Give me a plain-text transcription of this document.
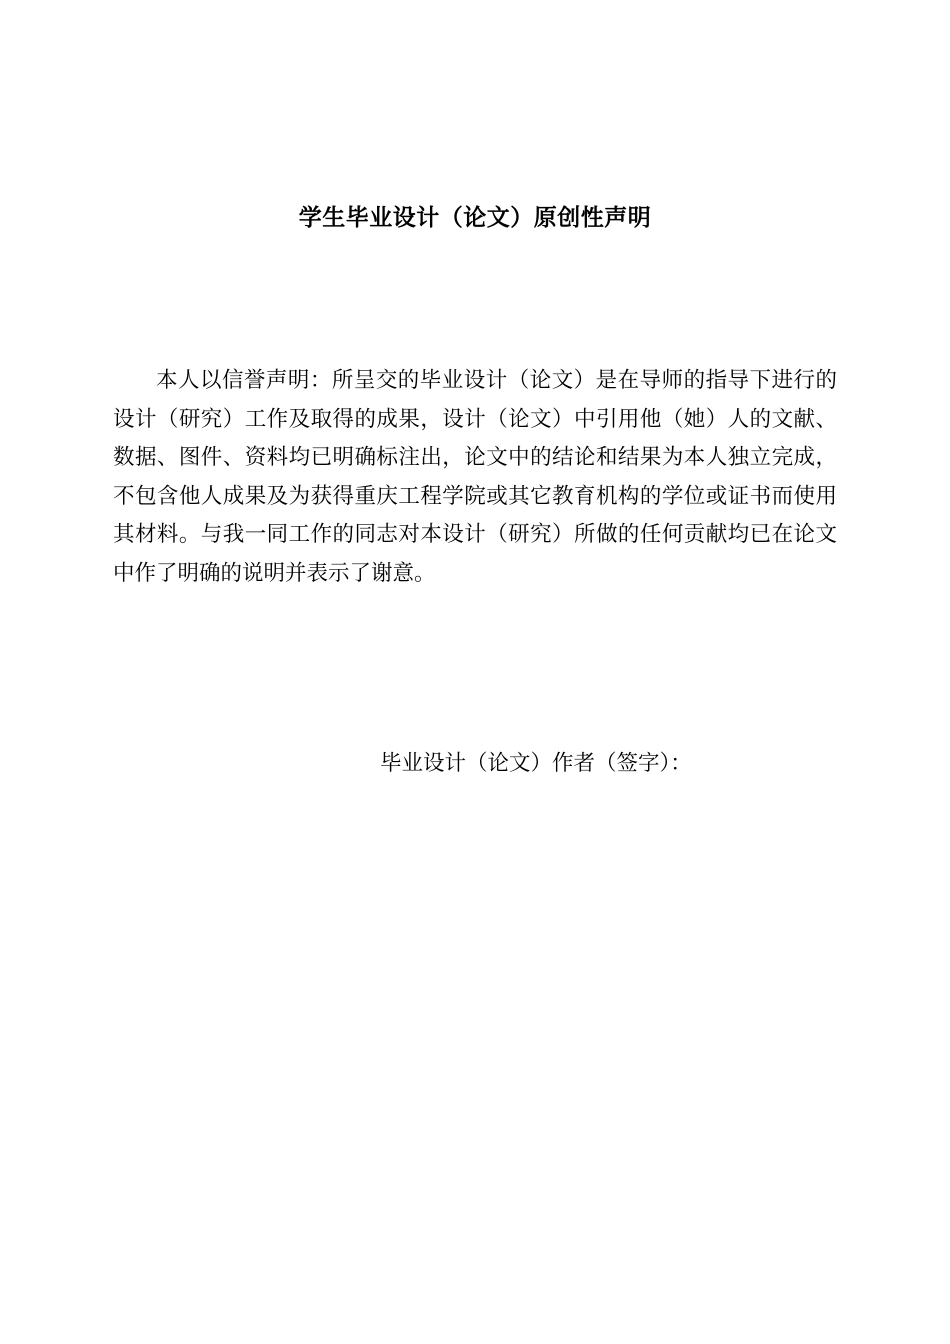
学生毕业设计（论文）原创性声明

本人以信誉声明：所呈交的毕业设计（论文）是在导师的指导下进行的设计（研究）工作及取得的成果，设计（论文）中引用他（她）人的文献、数据、图件、资料均已明确标注出，论文中的结论和结果为本人独立完成，不包含他人成果及为获得重庆工程学院或其它教育机构的学位或证书而使用其材料。与我一同工作的同志对本设计（研究）所做的任何贡献均已在论文中作了明确的说明并表示了谢意。

毕业设计（论文）作者（签字）：
